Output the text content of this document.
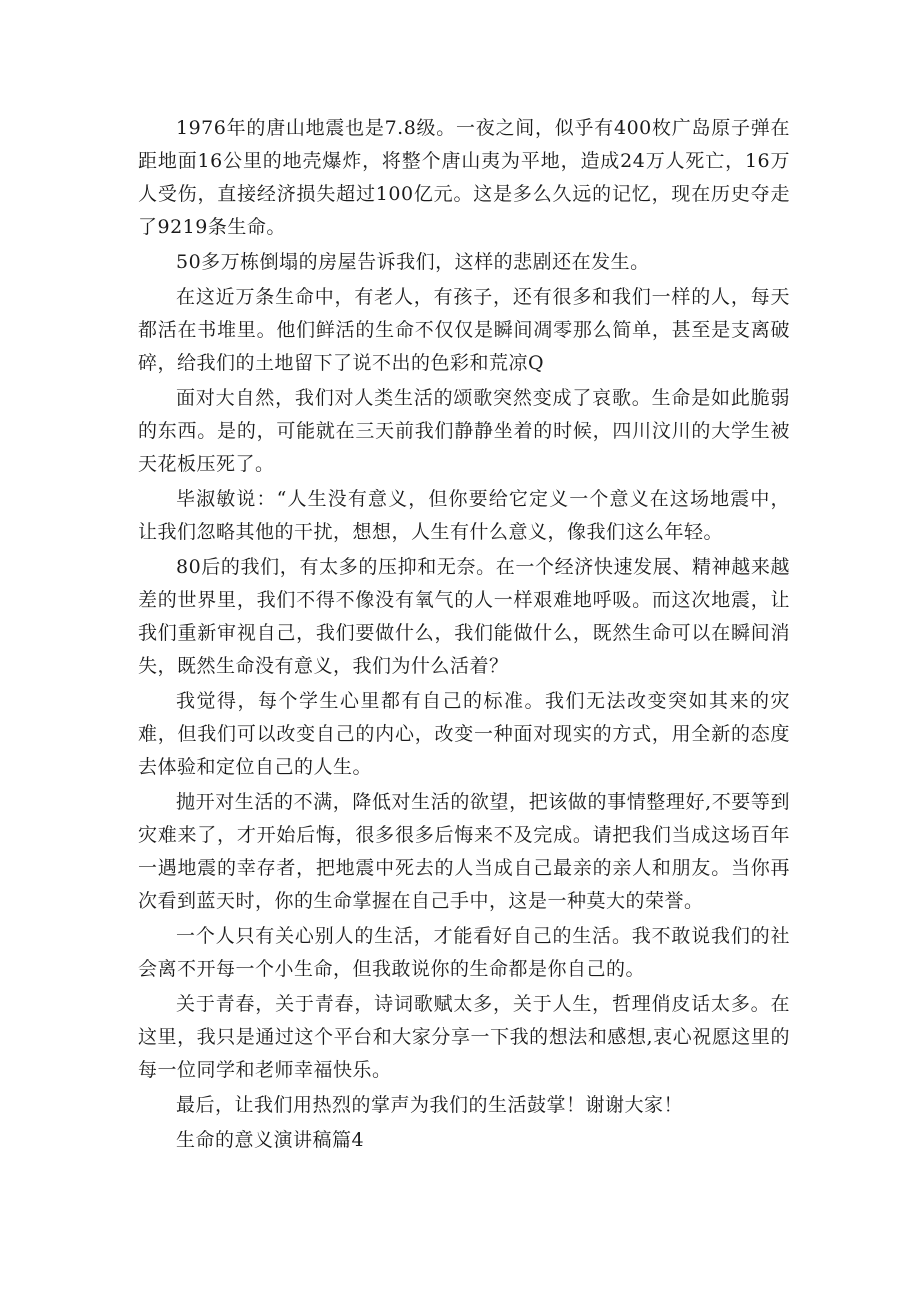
1976年的唐山地震也是7.8级。一夜之间，似乎有400枚广岛原子弹在距地面16公里的地壳爆炸，将整个唐山夷为平地，造成24万人死亡，16万人受伤，直接经济损失超过100亿元。这是多么久远的记忆，现在历史夺走了9219条生命。

50多万栋倒塌的房屋告诉我们，这样的悲剧还在发生。

在这近万条生命中，有老人，有孩子，还有很多和我们一样的人，每天都活在书堆里。他们鲜活的生命不仅仅是瞬间凋零那么简单，甚至是支离破碎，给我们的土地留下了说不出的色彩和荒凉Q

面对大自然，我们对人类生活的颂歌突然变成了哀歌。生命是如此脆弱的东西。是的，可能就在三天前我们静静坐着的时候，四川汶川的大学生被天花板压死了。

毕淑敏说：“人生没有意义，但你要给它定义一个意义在这场地震中，让我们忽略其他的干扰，想想，人生有什么意义，像我们这么年轻。

80后的我们，有太多的压抑和无奈。在一个经济快速发展、精神越来越差的世界里，我们不得不像没有氧气的人一样艰难地呼吸。而这次地震，让我们重新审视自己，我们要做什么，我们能做什么，既然生命可以在瞬间消失，既然生命没有意义，我们为什么活着？

我觉得，每个学生心里都有自己的标准。我们无法改变突如其来的灾难，但我们可以改变自己的内心，改变一种面对现实的方式，用全新的态度去体验和定位自己的人生。

抛开对生活的不满，降低对生活的欲望，把该做的事情整理好,不要等到灾难来了，才开始后悔，很多很多后悔来不及完成。请把我们当成这场百年一遇地震的幸存者，把地震中死去的人当成自己最亲的亲人和朋友。当你再次看到蓝天时，你的生命掌握在自己手中，这是一种莫大的荣誉。

一个人只有关心别人的生活，才能看好自己的生活。我不敢说我们的社会离不开每一个小生命，但我敢说你的生命都是你自己的。

关于青春，关于青春，诗词歌赋太多，关于人生，哲理俏皮话太多。在这里，我只是通过这个平台和大家分享一下我的想法和感想,衷心祝愿这里的每一位同学和老师幸福快乐。

最后，让我们用热烈的掌声为我们的生活鼓掌！谢谢大家！

生命的意义演讲稿篇4
